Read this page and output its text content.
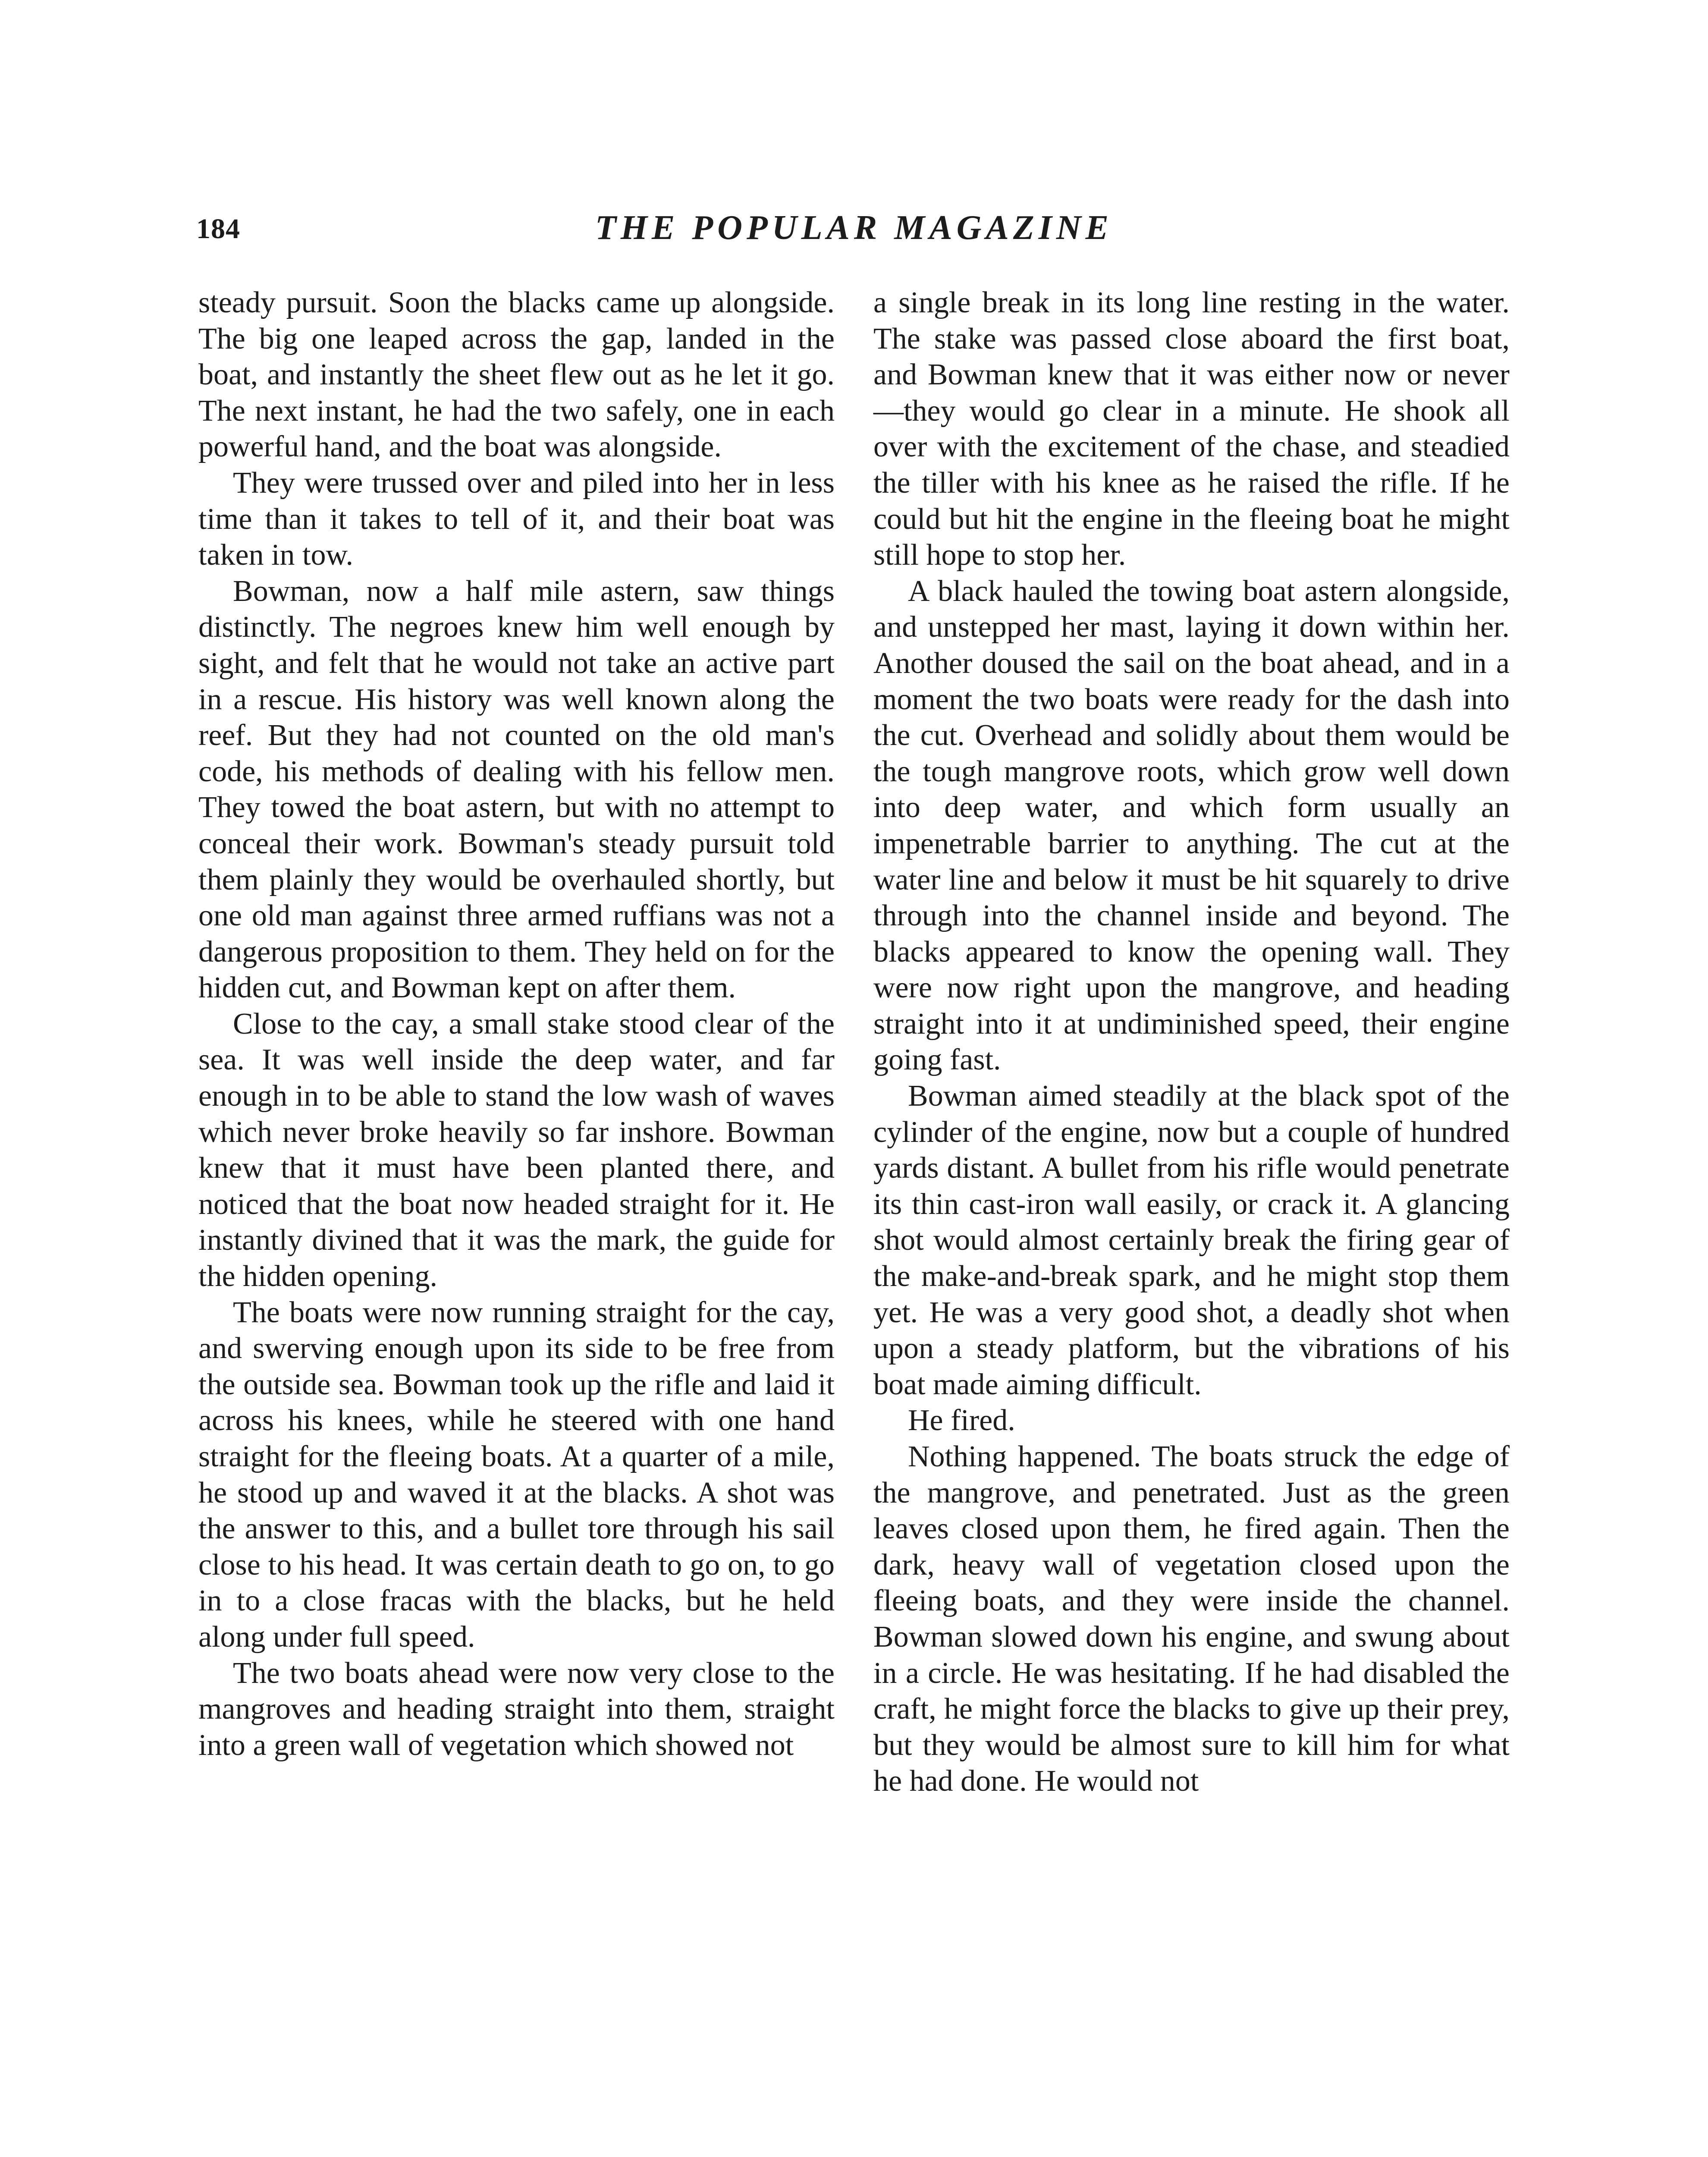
184	THE POPULAR MAGAZINE

steady pursuit. Soon the blacks came up alongside. The big one leaped across the gap, landed in the boat, and instantly the sheet flew out as he let it go. The next instant, he had the two safely, one in each powerful hand, and the boat was alongside.

They were trussed over and piled into her in less time than it takes to tell of it, and their boat was taken in tow.

Bowman, now a half mile astern, saw things distinctly. The negroes knew him well enough by sight, and felt that he would not take an active part in a rescue. His history was well known along the reef. But they had not counted on the old man's code, his methods of dealing with his fellow men. They towed the boat astern, but with no attempt to conceal their work. Bowman's steady pursuit told them plainly they would be overhauled shortly, but one old man against three armed ruffians was not a dangerous proposition to them. They held on for the hidden cut, and Bowman kept on after them.

Close to the cay, a small stake stood clear of the sea. It was well inside the deep water, and far enough in to be able to stand the low wash of waves which never broke heavily so far inshore. Bowman knew that it must have been planted there, and noticed that the boat now headed straight for it. He instantly divined that it was the mark, the guide for the hidden opening.

The boats were now running straight for the cay, and swerving enough upon its side to be free from the outside sea. Bowman took up the rifle and laid it across his knees, while he steered with one hand straight for the fleeing boats. At a quarter of a mile, he stood up and waved it at the blacks. A shot was the answer to this, and a bullet tore through his sail close to his head. It was certain death to go on, to go in to a close fracas with the blacks, but he held along under full speed.

The two boats ahead were now very close to the mangroves and heading straight into them, straight into a green wall of vegetation which showed not

a single break in its long line resting in the water. The stake was passed close aboard the first boat, and Bowman knew that it was either now or never—they would go clear in a minute. He shook all over with the excitement of the chase, and steadied the tiller with his knee as he raised the rifle. If he could but hit the engine in the fleeing boat he might still hope to stop her.

A black hauled the towing boat astern alongside, and unstepped her mast, laying it down within her. Another doused the sail on the boat ahead, and in a moment the two boats were ready for the dash into the cut. Overhead and solidly about them would be the tough mangrove roots, which grow well down into deep water, and which form usually an impenetrable barrier to anything. The cut at the water line and below it must be hit squarely to drive through into the channel inside and beyond. The blacks appeared to know the opening wall. They were now right upon the mangrove, and heading straight into it at undiminished speed, their engine going fast.

Bowman aimed steadily at the black spot of the cylinder of the engine, now but a couple of hundred yards distant. A bullet from his rifle would penetrate its thin cast-iron wall easily, or crack it. A glancing shot would almost certainly break the firing gear of the make-and-break spark, and he might stop them yet. He was a very good shot, a deadly shot when upon a steady platform, but the vibrations of his boat made aiming difficult.

He fired.

Nothing happened. The boats struck the edge of the mangrove, and penetrated. Just as the green leaves closed upon them, he fired again. Then the dark, heavy wall of vegetation closed upon the fleeing boats, and they were inside the channel. Bowman slowed down his engine, and swung about in a circle. He was hesitating. If he had disabled the craft, he might force the blacks to give up their prey, but they would be almost sure to kill him for what he had done. He would not
